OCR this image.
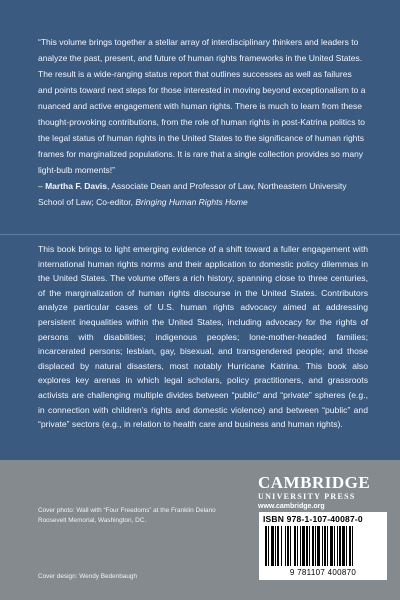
“This volume brings together a stellar array of interdisciplinary thinkers and leaders to analyze the past, present, and future of human rights frameworks in the United States. The result is a wide-ranging status report that outlines successes as well as failures and points toward next steps for those interested in moving beyond exceptionalism to a nuanced and active engagement with human rights. There is much to learn from these thought-provoking contributions, from the role of human rights in post-Katrina politics to the legal status of human rights in the United States to the significance of human rights frames for marginalized populations. It is rare that a single collection provides so many light-bulb moments!”

– Martha F. Davis, Associate Dean and Professor of Law, Northeastern University School of Law; Co-editor, Bringing Human Rights Home

This book brings to light emerging evidence of a shift toward a fuller engagement with international human rights norms and their application to domestic policy dilemmas in the United States. The volume offers a rich history, spanning close to three centuries, of the marginalization of human rights discourse in the United States. Contributors analyze particular cases of U.S. human rights advocacy aimed at addressing persistent inequalities within the United States, including advocacy for the rights of persons with disabilities; indigenous peoples; lone-mother-headed families; incarcerated persons; lesbian, gay, bisexual, and transgendered people; and those displaced by natural disasters, most notably Hurricane Katrina. This book also explores key arenas in which legal scholars, policy practitioners, and grassroots activists are challenging multiple divides between “public” and “private” spheres (e.g., in connection with children’s rights and domestic violence) and between “public” and “private” sectors (e.g., in relation to health care and business and human rights).

Cover photo: Wall with “Four Freedoms” at the Franklin Delano Roosevelt Memorial, Washington, DC.
Cover design: Wendy Bedenbaugh
CAMBRIDGE
UNIVERSITY PRESS
www.cambridge.org
ISBN 978-1-107-40087-0
9 781107 400870
